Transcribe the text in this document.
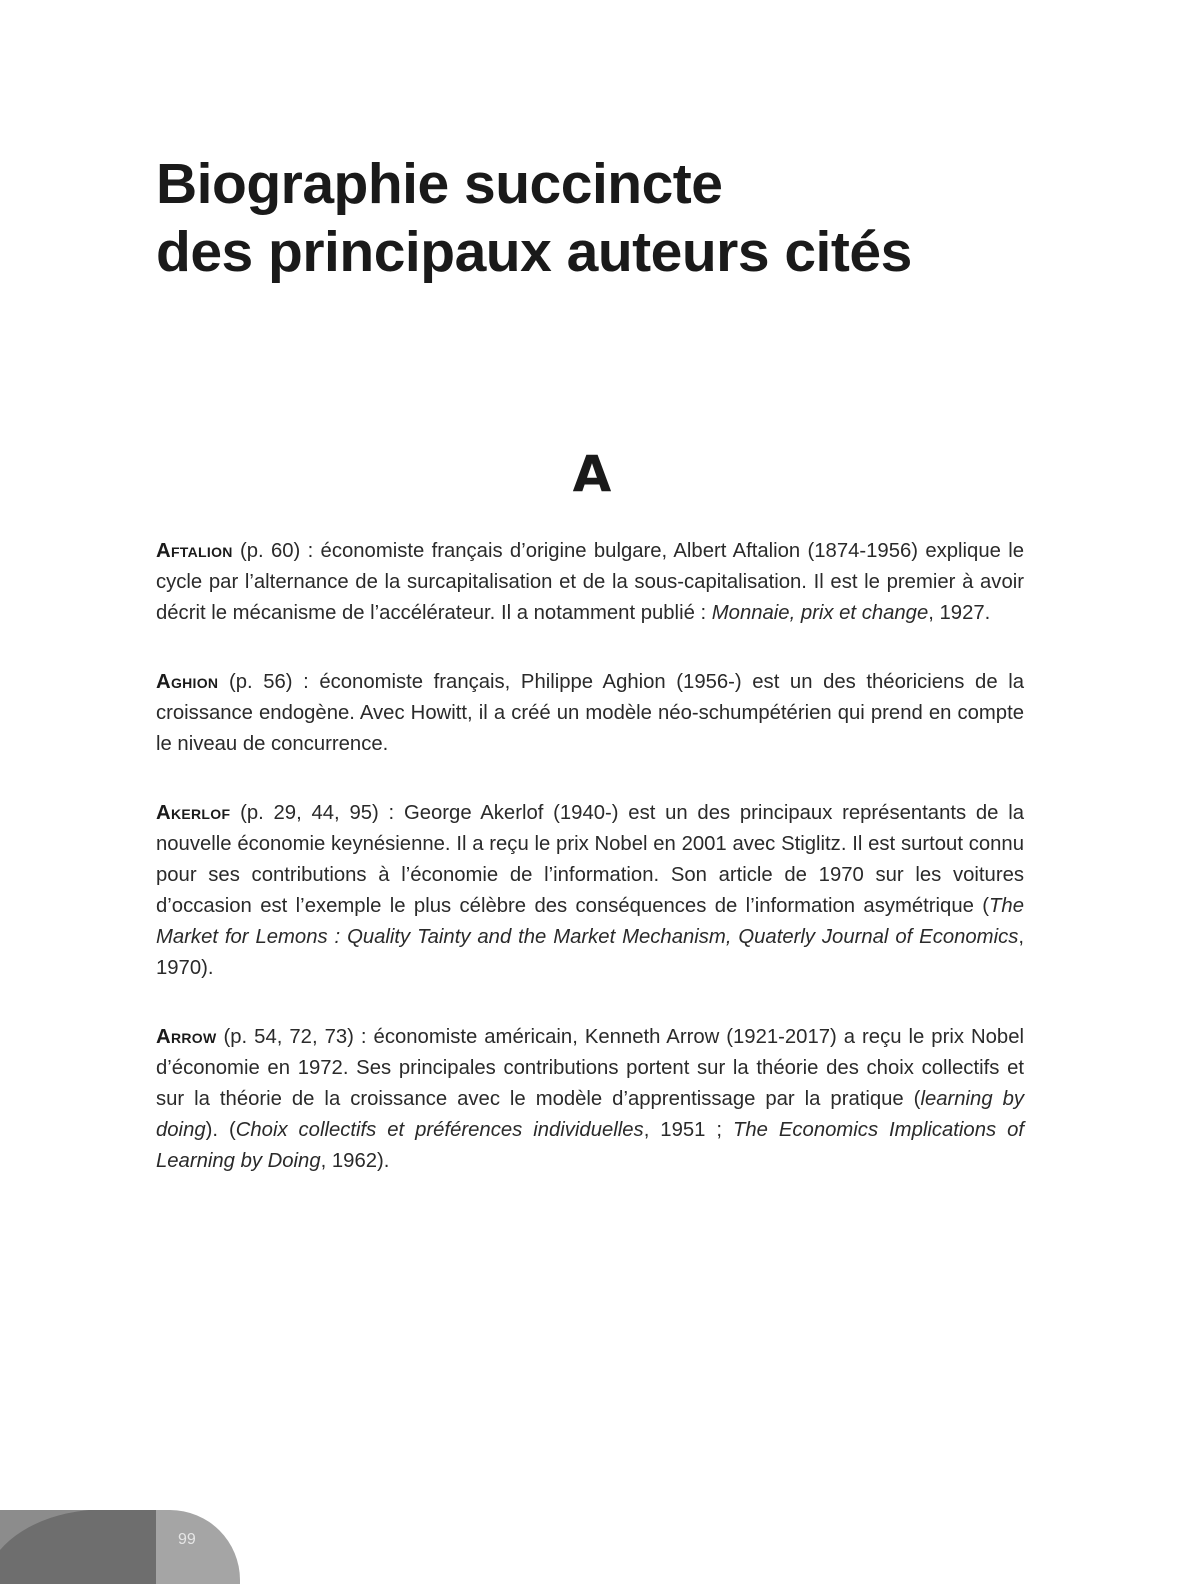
Biographie succincte
des principaux auteurs cités
A

Aftalion (p. 60) : économiste français d’origine bulgare, Albert Aftalion (1874-1956) explique le cycle par l’alternance de la surcapitalisation et de la sous-capitalisation. Il est le premier à avoir décrit le mécanisme de l’accélérateur. Il a notamment publié : Monnaie, prix et change, 1927.

Aghion (p. 56) : économiste français, Philippe Aghion (1956-) est un des théoriciens de la croissance endogène. Avec Howitt, il a créé un modèle néo-schumpétérien qui prend en compte le niveau de concurrence.

Akerlof (p. 29, 44, 95) : George Akerlof (1940-) est un des principaux représentants de la nouvelle économie keynésienne. Il a reçu le prix Nobel en 2001 avec Stiglitz. Il est surtout connu pour ses contributions à l’économie de l’information. Son article de 1970 sur les voitures d’occasion est l’exemple le plus célèbre des conséquences de l’information asymétrique (The Market for Lemons : Quality Tainty and the Market Mechanism, Quaterly Journal of Economics, 1970).

Arrow (p. 54, 72, 73) : économiste américain, Kenneth Arrow (1921-2017) a reçu le prix Nobel d’économie en 1972. Ses principales contributions portent sur la théorie des choix collectifs et sur la théorie de la croissance avec le modèle d’apprentissage par la pratique (learning by doing). (Choix collectifs et préférences individuelles, 1951 ; The Economics Implications of Learning by Doing, 1962).

99
